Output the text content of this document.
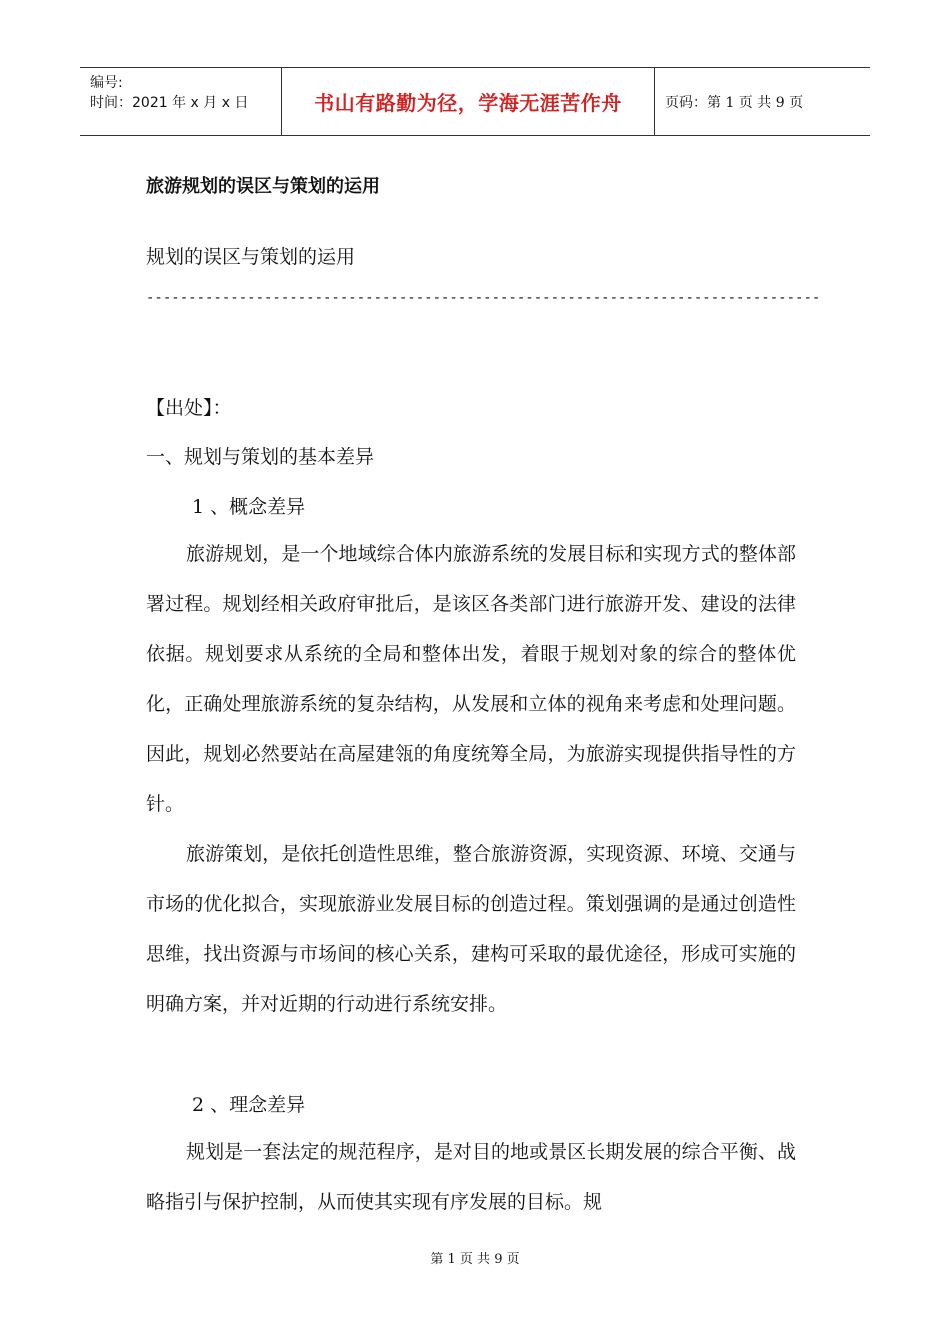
编号:
时间：2021 年 x 月 x 日	书山有路勤为径，学海无涯苦作舟	页码：第 1 页 共 9 页
旅游规划的误区与策划的运用
规划的误区与策划的运用
--------------------------------------------------------------------------------
【出处】：
一、规划与策划的基本差异
1 、概念差异
旅游规划，是一个地域综合体内旅游系统的发展目标和实现方式的整体部署过程。规划经相关政府审批后，是该区各类部门进行旅游开发、建设的法律依据。规划要求从系统的全局和整体出发，着眼于规划对象的综合的整体优化，正确处理旅游系统的复杂结构，从发展和立体的视角来考虑和处理问题。因此，规划必然要站在高屋建瓴的角度统筹全局，为旅游实现提供指导性的方针。
旅游策划，是依托创造性思维，整合旅游资源，实现资源、环境、交通与市场的优化拟合，实现旅游业发展目标的创造过程。策划强调的是通过创造性思维，找出资源与市场间的核心关系，建构可采取的最优途径，形成可实施的明确方案，并对近期的行动进行系统安排。
2 、理念差异
规划是一套法定的规范程序，是对目的地或景区长期发展的综合平衡、战略指引与保护控制，从而使其实现有序发展的目标。规
第 1 页 共 9 页
